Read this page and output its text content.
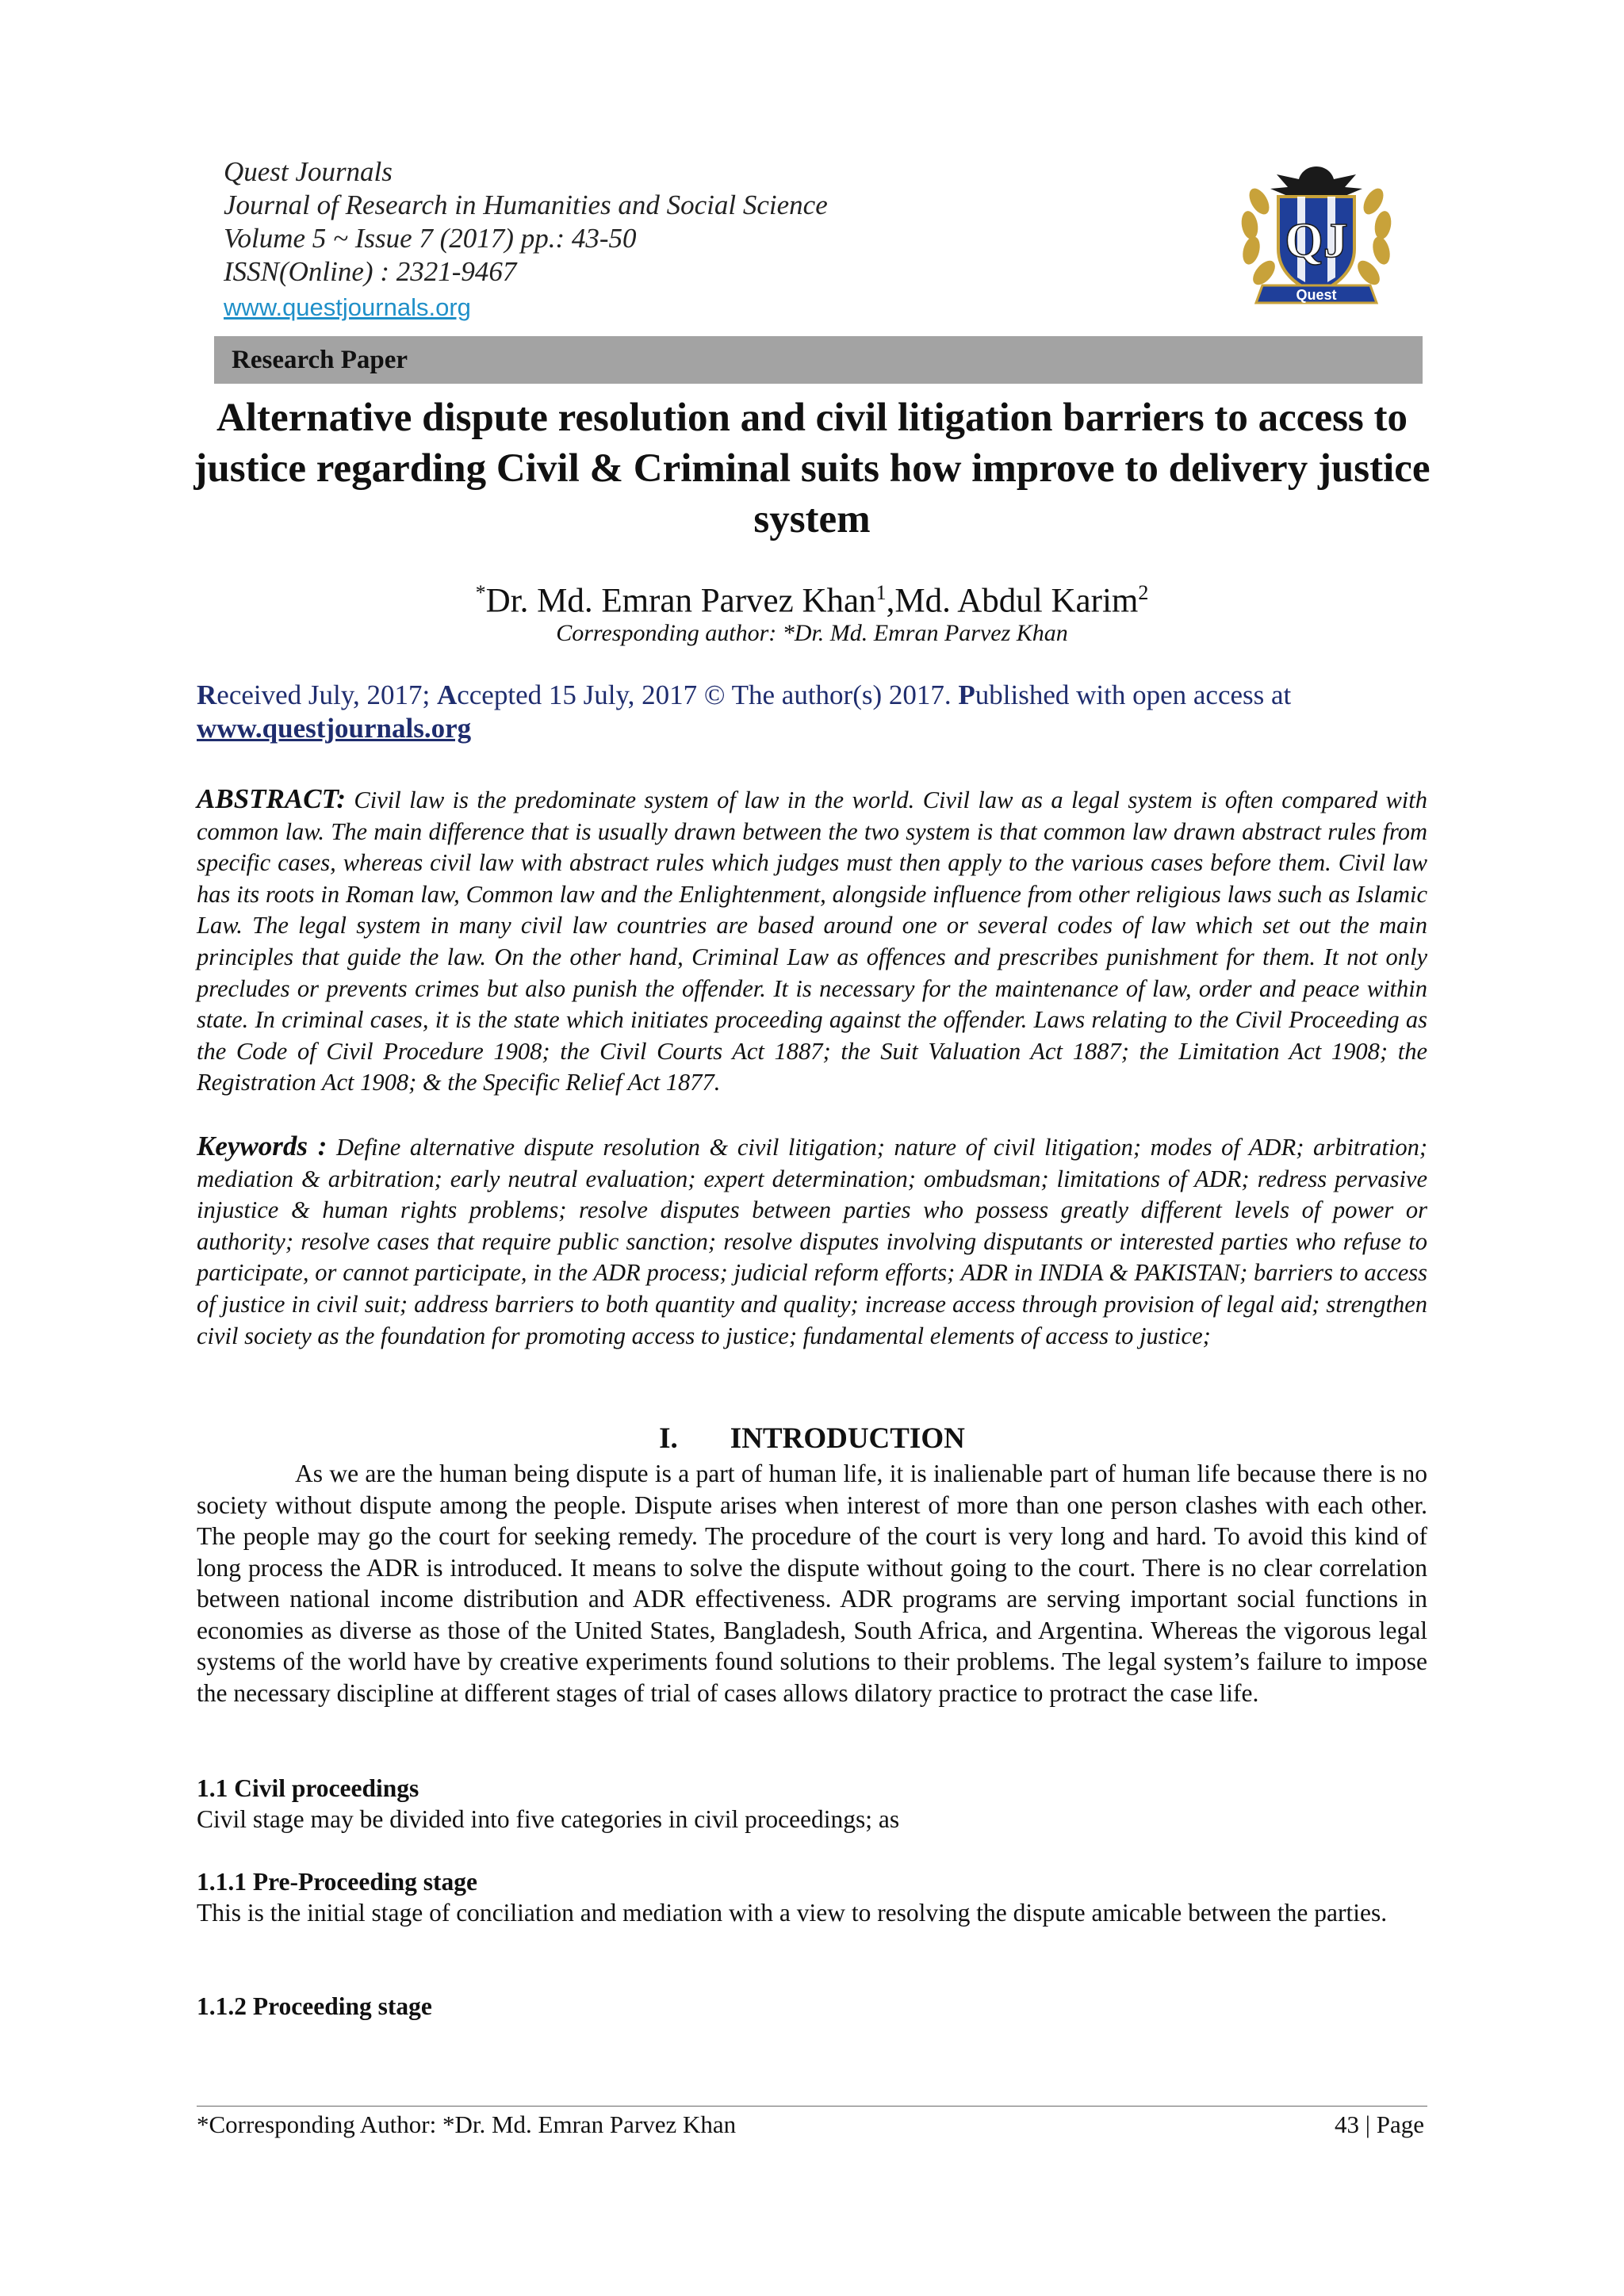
Quest Journals
Journal of Research in Humanities and Social Science
Volume 5 ~ Issue 7 (2017) pp.: 43-50
ISSN(Online) : 2321-9467
www.questjournals.org
QJ
Quest
Research Paper
Alternative dispute resolution and civil litigation barriers to access to justice regarding Civil & Criminal suits how improve to delivery justice system
*Dr. Md. Emran Parvez Khan$^1$,Md. Abdul Karim$^2$
Corresponding author: *Dr. Md. Emran Parvez Khan
Received July, 2017; Accepted 15 July, 2017 © The author(s) 2017. Published with open access at
www.questjournals.org
ABSTRACT: Civil law is the predominate system of law in the world. Civil law as a legal system is often compared with common law. The main difference that is usually drawn between the two system is that common law drawn abstract rules from specific cases, whereas civil law with abstract rules which judges must then apply to the various cases before them. Civil law has its roots in Roman law, Common law and the Enlightenment, alongside influence from other religious laws such as Islamic Law. The legal system in many civil law countries are based around one or several codes of law which set out the main principles that guide the law. On the other hand, Criminal Law as offences and prescribes punishment for them. It not only precludes or prevents crimes but also punish the offender. It is necessary for the maintenance of law, order and peace within state. In criminal cases, it is the state which initiates proceeding against the offender. Laws relating to the Civil Proceeding as the Code of Civil Procedure 1908; the Civil Courts Act 1887; the Suit Valuation Act 1887; the Limitation Act 1908; the Registration Act 1908; & the Specific Relief Act 1877.
Keywords : Define alternative dispute resolution & civil litigation; nature of civil litigation; modes of ADR; arbitration; mediation & arbitration; early neutral evaluation; expert determination; ombudsman; limitations of ADR; redress pervasive injustice & human rights problems; resolve disputes between parties who possess greatly different levels of power or authority; resolve cases that require public sanction; resolve disputes involving disputants or interested parties who refuse to participate, or cannot participate, in the ADR process; judicial reform efforts; ADR in INDIA & PAKISTAN; barriers to access of justice in civil suit; address barriers to both quantity and quality; increase access through provision of legal aid; strengthen civil society as the foundation for promoting access to justice; fundamental elements of access to justice;
I. INTRODUCTION
As we are the human being dispute is a part of human life, it is inalienable part of human life because there is no society without dispute among the people. Dispute arises when interest of more than one person clashes with each other. The people may go the court for seeking remedy. The procedure of the court is very long and hard. To avoid this kind of long process the ADR is introduced. It means to solve the dispute without going to the court. There is no clear correlation between national income distribution and ADR effectiveness. ADR programs are serving important social functions in economies as diverse as those of the United States, Bangladesh, South Africa, and Argentina. Whereas the vigorous legal systems of the world have by creative experiments found solutions to their problems. The legal system’s failure to impose the necessary discipline at different stages of trial of cases allows dilatory practice to protract the case life.
1.1 Civil proceedings
Civil stage may be divided into five categories in civil proceedings; as
1.1.1 Pre-Proceeding stage
This is the initial stage of conciliation and mediation with a view to resolving the dispute amicable between the parties.
1.1.2 Proceeding stage
*Corresponding Author: *Dr. Md. Emran Parvez Khan	43 | Page
